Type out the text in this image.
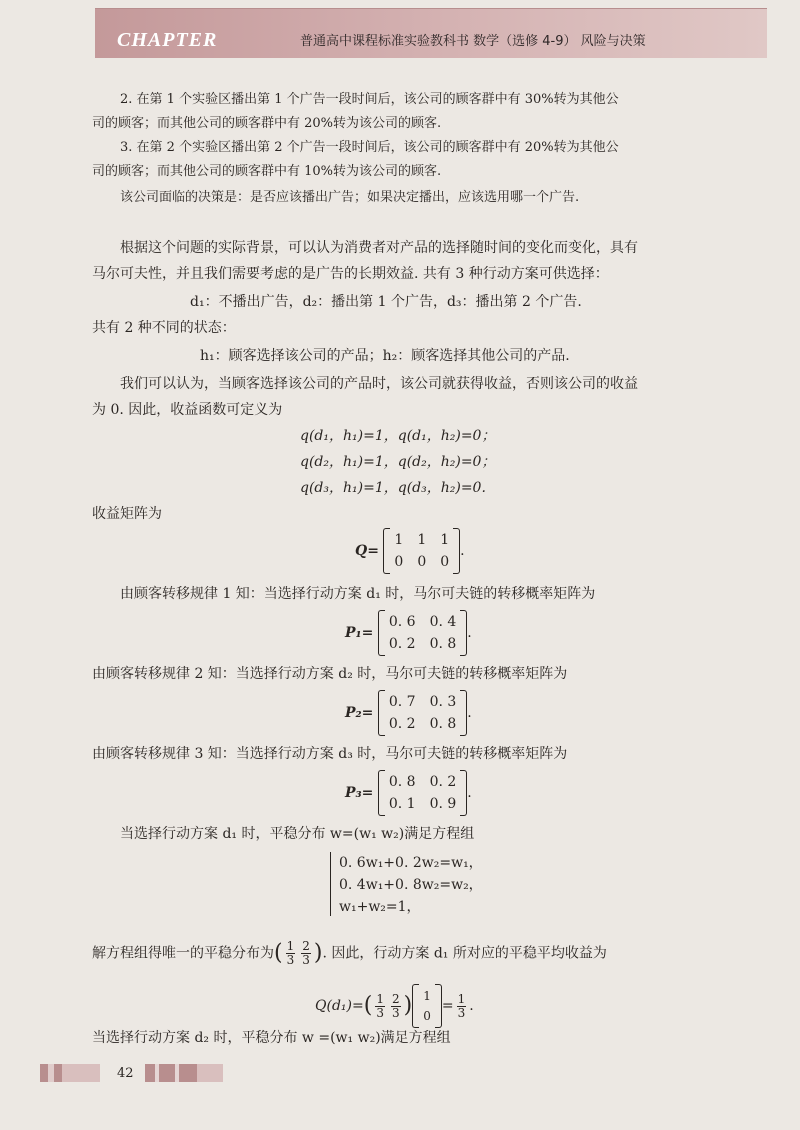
CHAPTER	普通高中课程标准实验教科书 数学（选修 4-9） 风险与决策
2. 在第 1 个实验区播出第 1 个广告一段时间后，该公司的顾客群中有 30%转为其他公
司的顾客；而其他公司的顾客群中有 20%转为该公司的顾客.
3. 在第 2 个实验区播出第 2 个广告一段时间后，该公司的顾客群中有 20%转为其他公
司的顾客；而其他公司的顾客群中有 10%转为该公司的顾客.
该公司面临的决策是：是否应该播出广告；如果决定播出，应该选用哪一个广告.
根据这个问题的实际背景，可以认为消费者对产品的选择随时间的变化而变化，具有
马尔可夫性，并且我们需要考虑的是广告的长期效益. 共有 3 种行动方案可供选择：
d₁：不播出广告，d₂：播出第 1 个广告，d₃：播出第 2 个广告.
共有 2 种不同的状态：
h₁：顾客选择该公司的产品；h₂：顾客选择其他公司的产品.
我们可以认为，当顾客选择该公司的产品时，该公司就获得收益，否则该公司的收益
为 0. 因此，收益函数可定义为
q(d₁，h₁)=1，q(d₁，h₂)=0；
q(d₂，h₁)=1，q(d₂，h₂)=0；
q(d₃，h₁)=1，q(d₃，h₂)=0.
收益矩阵为
Q=
1 1 1
0 0 0
.
由顾客转移规律 1 知：当选择行动方案 d₁ 时，马尔可夫链的转移概率矩阵为
P₁=
0. 6 0. 4
0. 2 0. 8
.
由顾客转移规律 2 知：当选择行动方案 d₂ 时，马尔可夫链的转移概率矩阵为
P₂=
0. 7 0. 3
0. 2 0. 8
.
由顾客转移规律 3 知：当选择行动方案 d₃ 时，马尔可夫链的转移概率矩阵为
P₃=
0. 8 0. 2
0. 1 0. 9
.
当选择行动方案 d₁ 时，平稳分布 w=(w₁ w₂)满足方程组
0. 6w₁+0. 2w₂=w₁，
0. 4w₁+0. 8w₂=w₂，
w₁+w₂=1，
解方程组得唯一的平稳分布为( $\frac{1}{3} \frac{2}{3}$ ). 因此，行动方案 d₁ 所对应的平稳平均收益为
$Q(d_1)=( \frac{1}{3} \frac{2}{3}$ ) 1
0
= $\frac{1}{3}$ .
当选择行动方案 d₂ 时，平稳分布 w =(w₁ w₂)满足方程组
42
